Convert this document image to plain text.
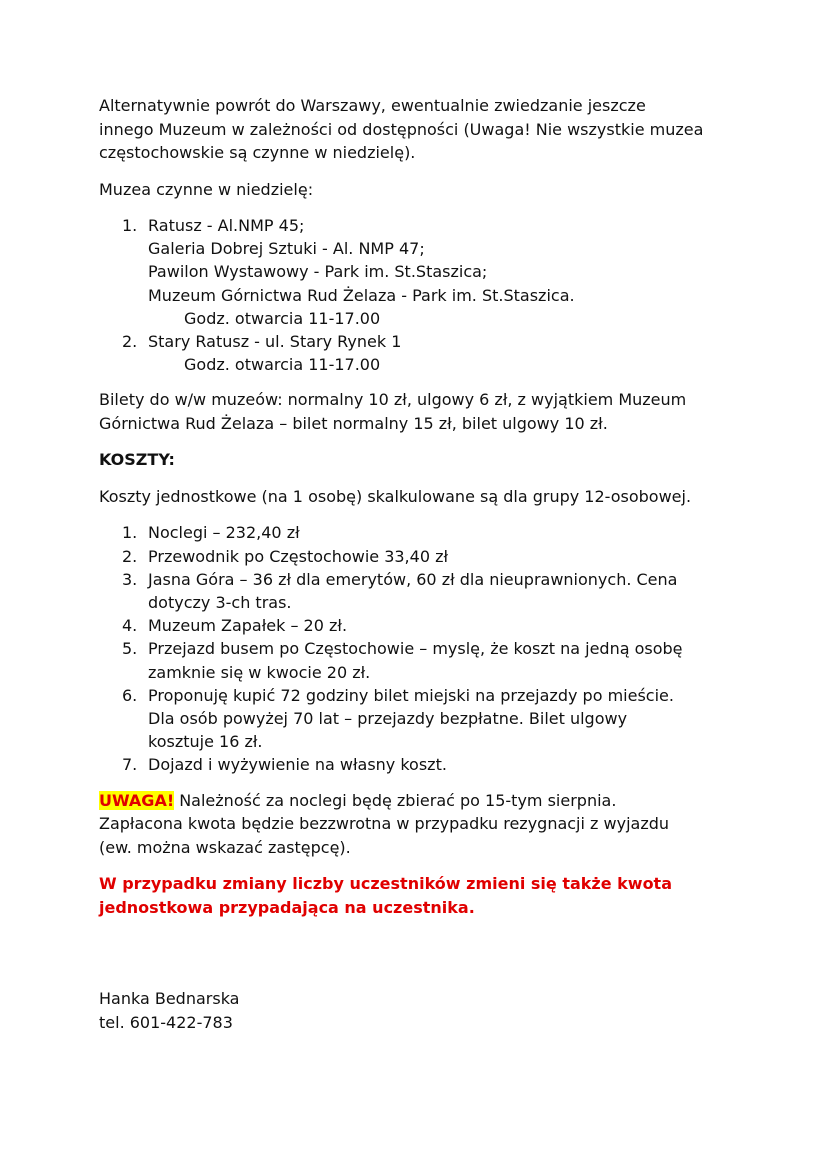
Alternatywnie powrót do Warszawy, ewentualnie zwiedzanie jeszcze
innego Muzeum w zależności od dostępności (Uwaga! Nie wszystkie muzea
częstochowskie są czynne w niedzielę).

Muzea czynne w niedzielę:

1. Ratusz - Al.NMP 45;
Galeria Dobrej Sztuki - Al. NMP 47;
Pawilon Wystawowy - Park im. St.Staszica;
Muzeum Górnictwa Rud Żelaza - Park im. St.Staszica.
Godz. otwarcia 11-17.00
2. Stary Ratusz - ul. Stary Rynek 1
Godz. otwarcia 11-17.00

Bilety do w/w muzeów: normalny 10 zł, ulgowy 6 zł, z wyjątkiem Muzeum
Górnictwa Rud Żelaza – bilet normalny 15 zł, bilet ulgowy 10 zł.

KOSZTY:

Koszty jednostkowe (na 1 osobę) skalkulowane są dla grupy 12-osobowej.

1. Noclegi – 232,40 zł
2. Przewodnik po Częstochowie 33,40 zł
3. Jasna Góra – 36 zł dla emerytów, 60 zł dla nieuprawnionych. Cena
dotyczy 3-ch tras.
4. Muzeum Zapałek – 20 zł.
5. Przejazd busem po Częstochowie – myslę, że koszt na jedną osobę
zamknie się w kwocie 20 zł.
6. Proponuję kupić 72 godziny bilet miejski na przejazdy po mieście.
Dla osób powyżej 70 lat – przejazdy bezpłatne. Bilet ulgowy
kosztuje 16 zł.
7. Dojazd i wyżywienie na własny koszt.

UWAGA! Należność za noclegi będę zbierać po 15-tym sierpnia.
Zapłacona kwota będzie bezzwrotna w przypadku rezygnacji z wyjazdu
(ew. można wskazać zastępcę).

W przypadku zmiany liczby uczestników zmieni się także kwota
jednostkowa przypadająca na uczestnika.

Hanka Bednarska
tel. 601-422-783
